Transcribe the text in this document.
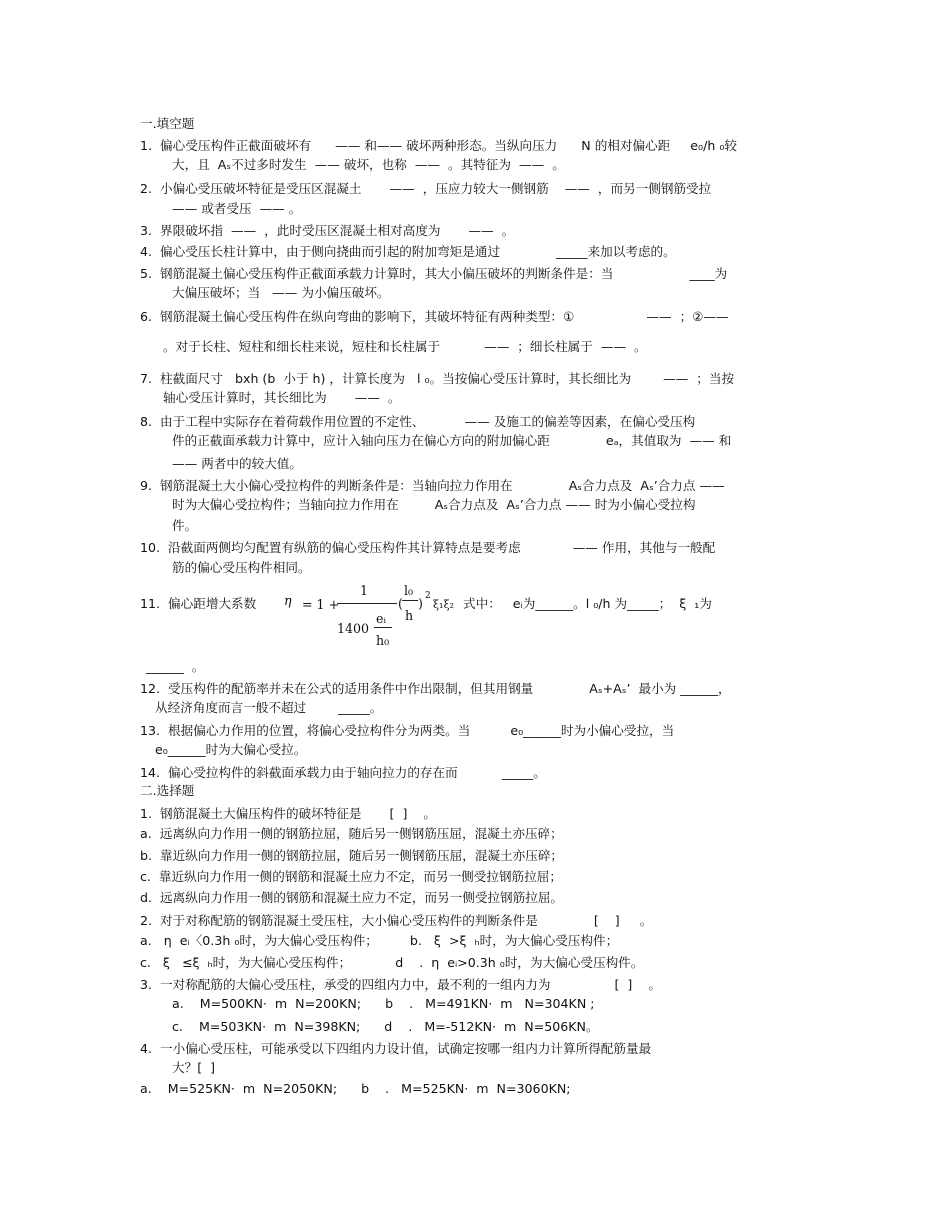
一.填空题
1.  偏心受压构件正截面破坏有      —— 和—— 破坏两种形态。当纵向压力      N 的相对偏心距     e₀/h ₀较
大，且  Aₛ不过多时发生  —— 破坏，也称  ——  。其特征为  ——  。
2.  小偏心受压破坏特征是受压区混凝土       ——  ，压应力较大一侧钢筋    ——  ，而另一侧钢筋受拉
—— 或者受压  —— 。
3.  界限破坏指  ——  ，此时受压区混凝土相对高度为       ——  。
4.  偏心受压长柱计算中，由于侧向挠曲而引起的附加弯矩是通过              _____来加以考虑的。
5.  钢筋混凝土偏心受压构件正截面承载力计算时，其大小偏压破坏的判断条件是：当                   ____为
大偏压破坏；当   —— 为小偏压破坏。
6.  钢筋混凝土偏心受压构件在纵向弯曲的影响下，其破坏特征有两种类型：①                  ——  ；②——
。对于长柱、短柱和细长柱来说，短柱和长柱属于           ——  ；细长柱属于  ——  。
7.  柱截面尺寸   bxh (b  小于 h) ，计算长度为   l ₀。当按偏心受压计算时，其长细比为        ——  ；当按
轴心受压计算时，其长细比为       ——  。
8.  由于工程中实际存在着荷载作用位置的不定性、          —— 及施工的偏差等因素，在偏心受压构
件的正截面承载力计算中，应计入轴向压力在偏心方向的附加偏心距              eₐ，其值取为  —— 和
—— 两者中的较大值。
9.  钢筋混凝土大小偏心受拉构件的判断条件是：当轴向拉力作用在              Aₛ合力点及  Aₛ’合力点 ——
时为大偏心受拉构件；当轴向拉力作用在         Aₛ合力点及  Aₛ’合力点 —— 时为小偏心受拉构
件。
10.  沿截面两侧均匀配置有纵筋的偏心受压构件其计算特点是要考虑             —— 作用，其他与一般配
筋的偏心受压构件相同。
11.  偏心距增大系数 η = 1 +
1
1400
eᵢ
h₀
(
l₀
h
) 2
ξ₁ξ₂ 式中：   eᵢ为______。l ₀/h 为_____；  ξ  ₁为
______  。
12.  受压构件的配筋率并未在公式的适用条件中作出限制，但其用钢量              Aₛ+Aₛ’  最小为 ______，
从经济角度而言一般不超过        _____。
13.  根据偏心力作用的位置，将偏心受拉构件分为两类。当          e₀______时为小偏心受拉，当
e₀______时为大偏心受拉。
14.  偏心受拉构件的斜截面承载力由于轴向拉力的存在而           _____。
二.选择题
1.  钢筋混凝土大偏压构件的破坏特征是       [  ]    。
a.  远离纵向力作用一侧的钢筋拉屈，随后另一侧钢筋压屈，混凝土亦压碎；
b.  靠近纵向力作用一侧的钢筋拉屈，随后另一侧钢筋压屈，混凝土亦压碎；
c.  靠近纵向力作用一侧的钢筋和混凝土应力不定，而另一侧受拉钢筋拉屈；
d.  远离纵向力作用一侧的钢筋和混凝土应力不定，而另一侧受拉钢筋拉屈。
2.  对于对称配筋的钢筋混凝土受压柱，大小偏心受压构件的判断条件是              [    ]     。
a.   η  eᵢ〈0.3h ₀时，为大偏心受压构件；        b.   ξ  >ξ  ₕ时，为大偏心受压构件；
c.   ξ   ≤ξ  ₕ时，为大偏心受压构件；           d    .  η  eᵢ>0.3h ₀时，为大偏心受压构件。
3.  一对称配筋的大偏心受压柱，承受的四组内力中，最不利的一组内力为                [  ]    。
a.    M=500KN·  m  N=200KN;      b    .   M=491KN·  m   N=304KN ;
c.    M=503KN·  m  N=398KN;      d    .   M=-512KN·  m  N=506KN。
4.  一小偏心受压柱，可能承受以下四组内力设计值，试确定按哪一组内力计算所得配筋量最
大？[  ]
a.    M=525KN·  m  N=2050KN;      b    .   M=525KN·  m  N=3060KN;
